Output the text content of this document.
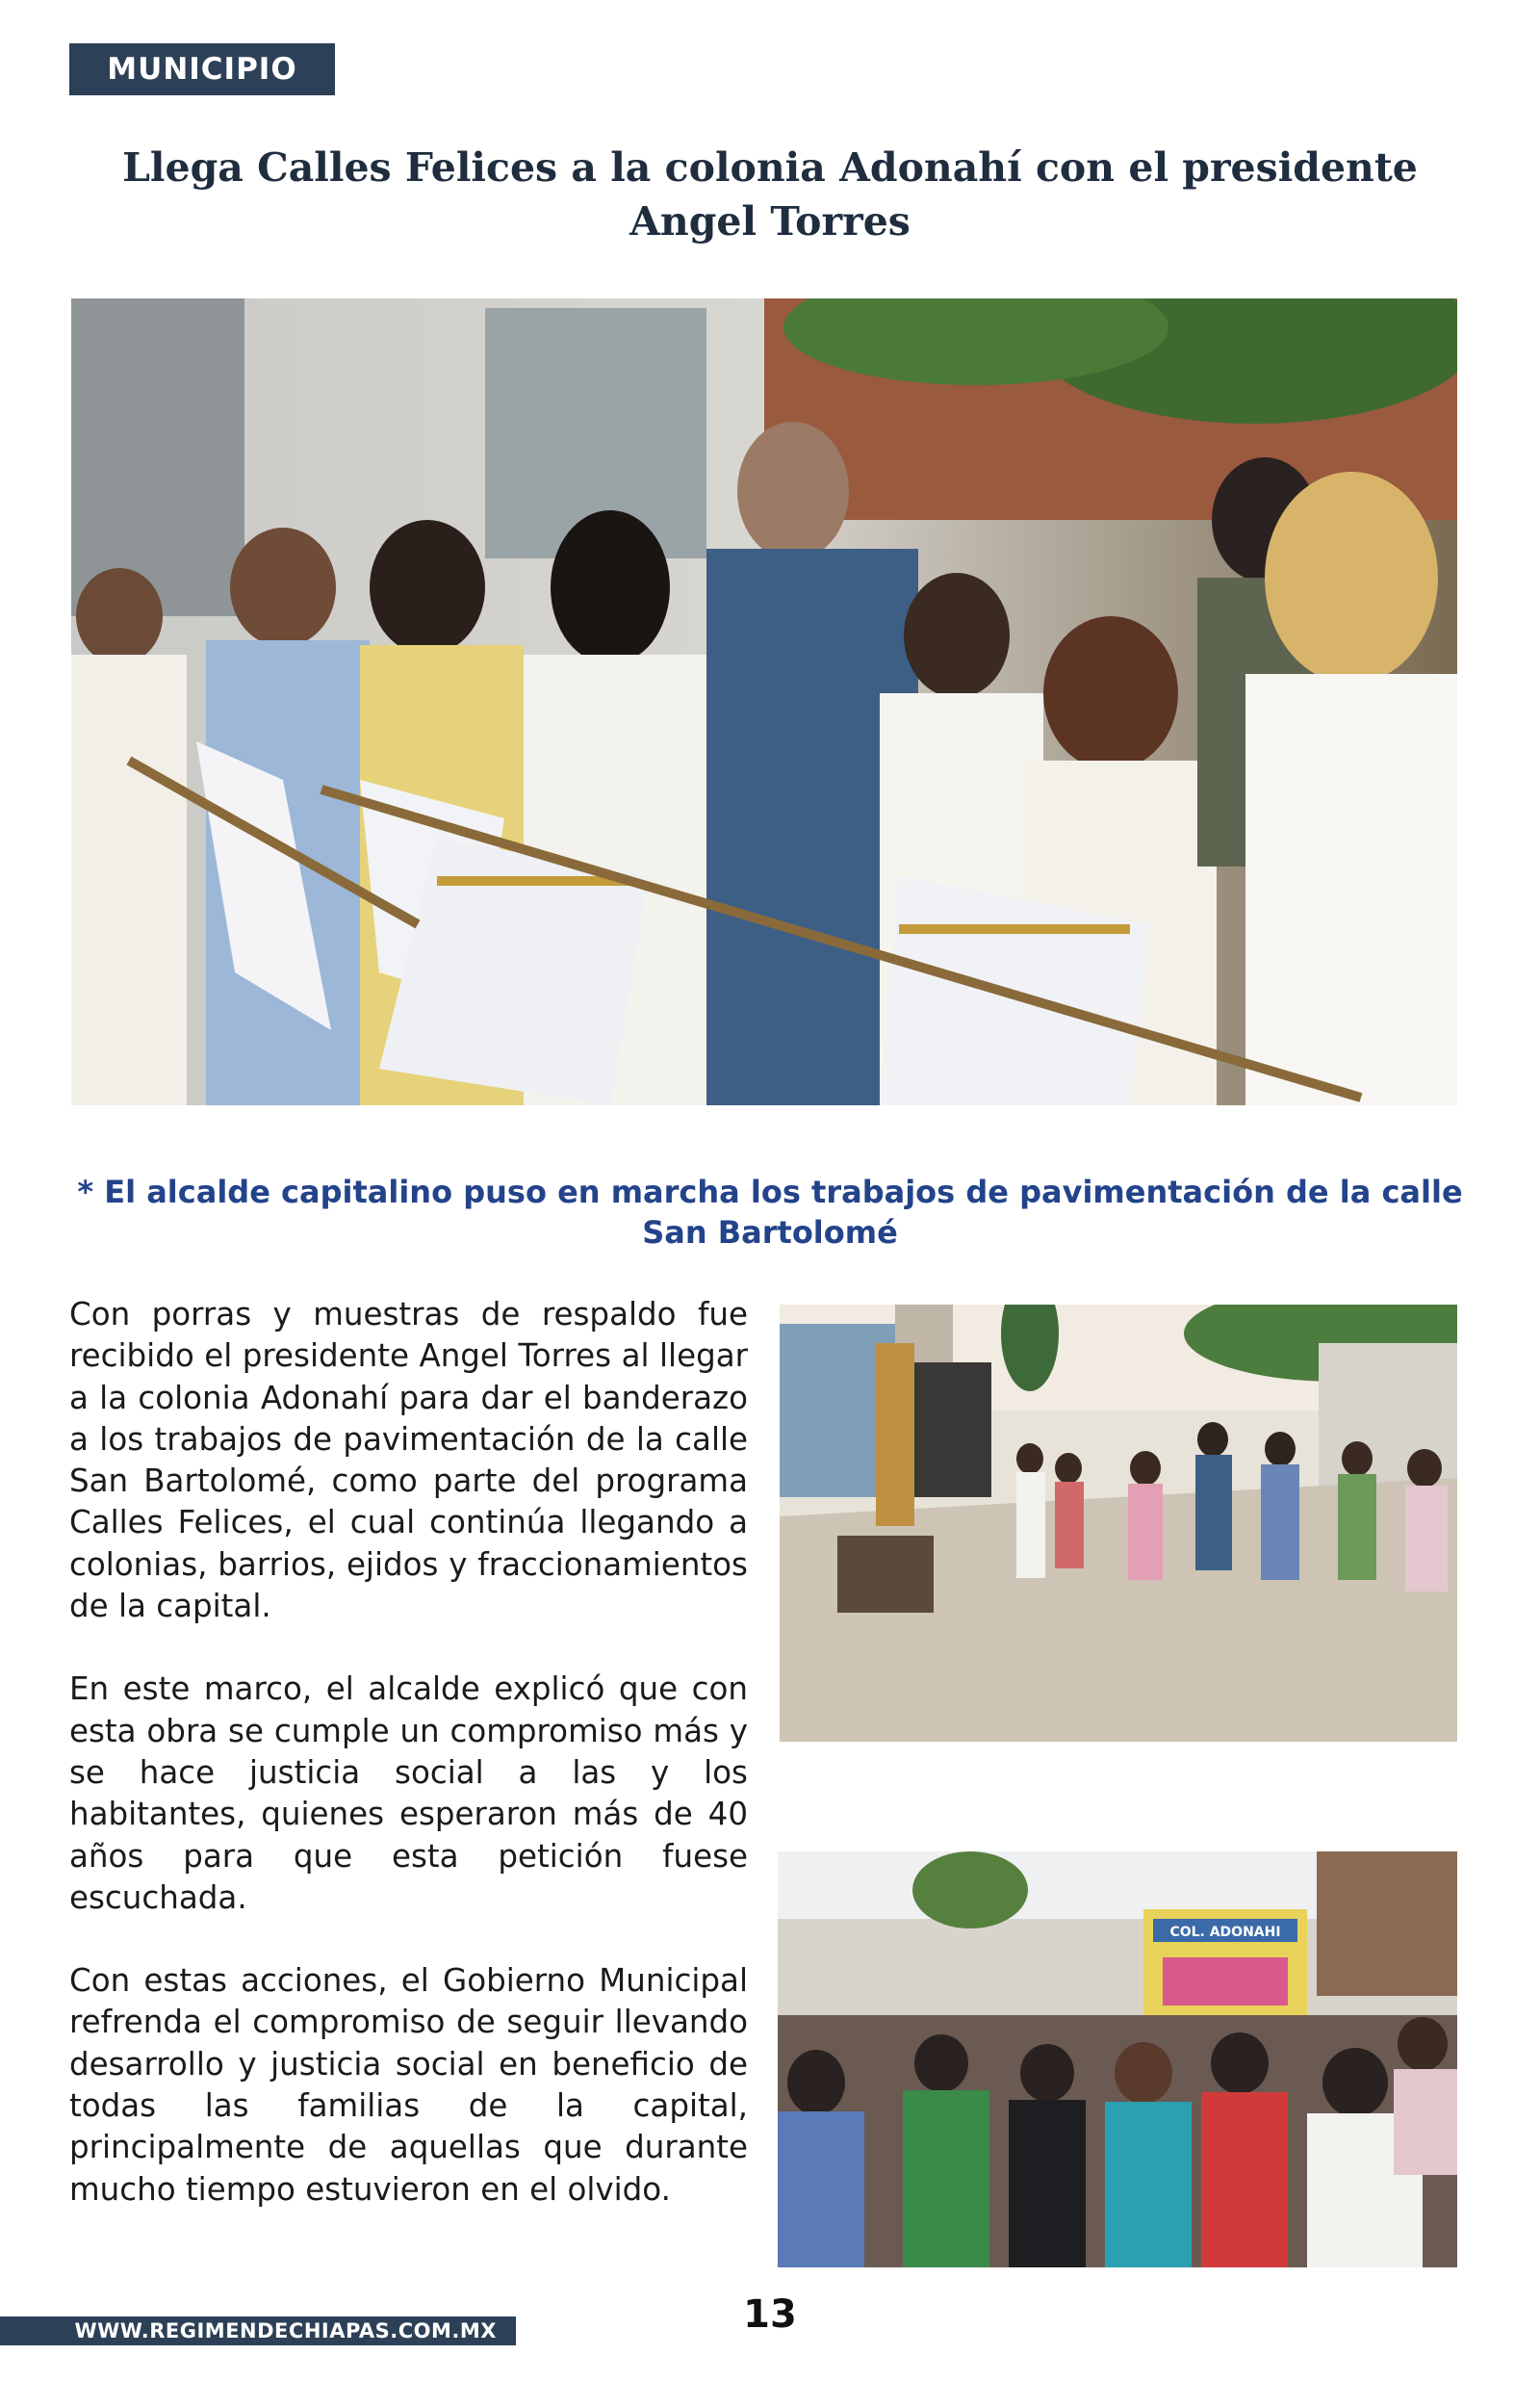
MUNICIPIO
Llega Calles Felices a la colonia Adonahí con el presidente Angel Torres

* El alcalde capitalino puso en marcha los trabajos de pavimentación de la calle San Bartolomé

Con porras y muestras de respaldo fue recibido el presidente Angel Torres al llegar a la colonia Adonahí para dar el banderazo a los trabajos de pavimentación de la calle San Bartolomé, como parte del programa Calles Felices, el cual continúa llegando a colonias, barrios, ejidos y fraccionamientos de la capital.

En este marco, el alcalde explicó que con esta obra se cumple un compromiso más y se hace justicia social a las y los habitantes, quienes esperaron más de 40 años para que esta petición fuese escuchada.

Con estas acciones, el Gobierno Municipal refrenda el compromiso de seguir llevando desarrollo y justicia social en beneficio de todas las familias de la capital, principalmente de aquellas que durante mucho tiempo estuvieron en el olvido.

COL. ADONAHI
13
WWW.REGIMENDECHIAPAS.COM.MX
